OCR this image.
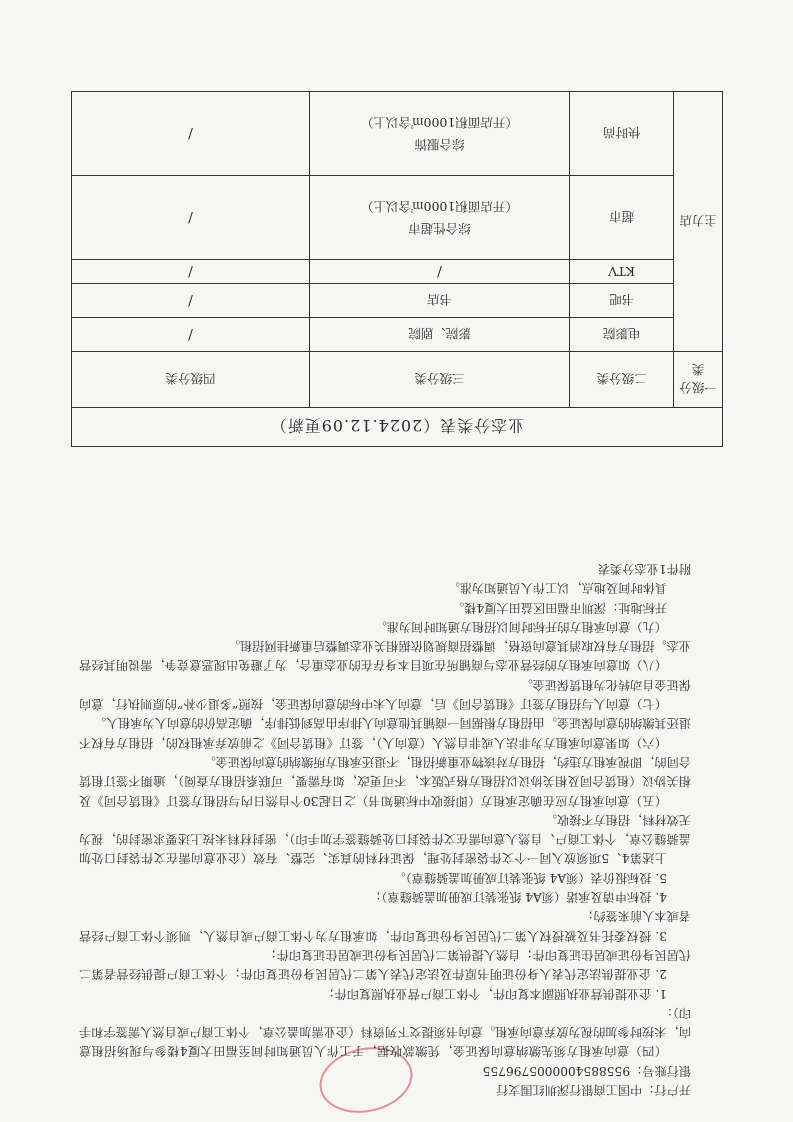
开户行：中国工商银行深圳红围支行

银行账号：9558854000005796755

（四）意向承租方须先缴纳意向保证金，凭缴款收据，于工作人员通知时间至福田大厦4楼参与现场招租意向，未按时参加的视为放弃意向承租。意向书须提交下列资料（企业需加盖公章，个体工商户或自然人需签字和手印）：

1. 企业提供营业执照副本复印件，个体工商户营业执照复印件；

2. 企业提供法定代表人身份证明书原件及法定代表人第二代居民身份证复印件；个体工商户提供经营者第二代居民身份证或居住证复印件；自然人提供第二代居民身份证或居住证复印件；

3. 授权委托书及被授权人第二代居民身份证复印件，如承租方为个体工商户或自然人，则须个体工商户经营者或本人前来签约；

4. 投标申请及承诺（须A4 纸张装订成册加盖骑缝章）；

5. 投标报价表（须A4 纸张装订成册加盖骑缝章）。

上述第4、5项须放入同一个文件袋密封处理，保证材料的真实、完整、有效（企业意向需在文件袋封口处加盖骑缝公章，个体工商户、自然人意向需在文件袋封口处骑缝签字加手印），密封材料未按上述要求密封的，视为无效材料，招租方不接收。

（五）意向承租方应在确定承租方（即接收中标通知书）之日起30个自然日内与招租方签订《租赁合同》及相关协议（租赁合同及相关协议以招租方格式版本，不可更改，如有需要，可联系招租方查阅），逾期不签订租赁合同的，即视承租方违约，招租方对该物业重新招租，不退还承租方所缴纳的意向保证金。

（六）如果意向承租方为非法人或非自然人（意向人），签订《租赁合同》之前放弃承租权的，招租方有权不退还其缴纳的意向保证金。由招租方根据同一商铺其他意向人排序由高到低排序，确定高价的意向人为承租人。

（七）意向人与招租方签订《租赁合同》后，意向人未中标的意向保证金，按照“多退少补”的原则执行，意向保证金自动转化为租赁保证金。

（八）如意向承租方的经营业态与商铺所在项目本身存在的业态重合，为了避免出现恶意竞争，需说明其经营业态。招租方有权取消其意向资格，调整招商规划依据相关业态调整后重新挂网招租。

（九）意向承租方的开标时间以招租方通知时间为准。

开标地址：深圳市福田区益田大厦4楼。

具体时间及地点，以工作人员通知为准。

附件1业态分类表

业态分类表（2024.12.09更新）			
一级分类	二级分类	三级分类	四级分类
主力店	电影院	影院、剧院	/
	书吧	书店	/
	KTV	/	/
	超市	综合性超市
（开店面积1000㎡含以上）	/
	快时尚	综合服饰
（开店面积1000㎡含以上）	/
